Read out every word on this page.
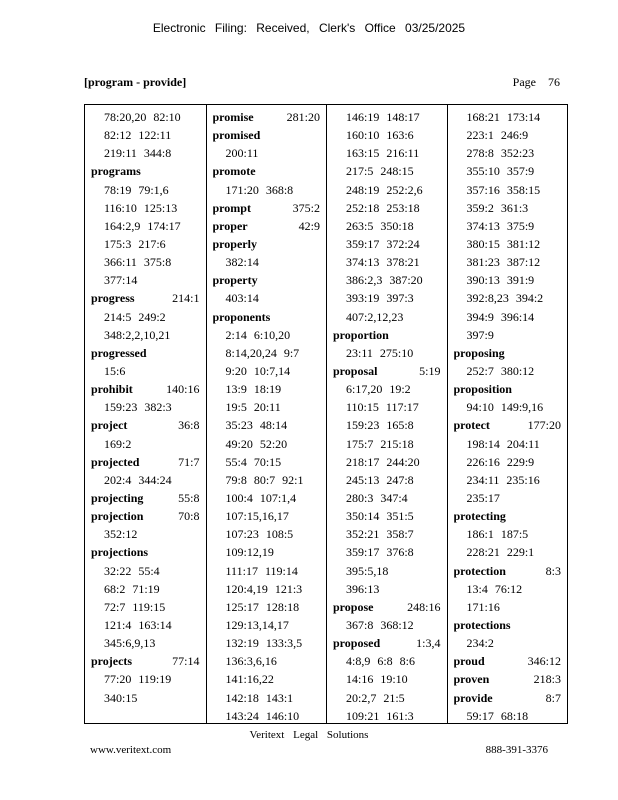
Electronic Filing: Received, Clerk's Office 03/25/2025
[program - provide]	Page 76
78:20,20 82:10
82:12 122:11
219:11 344:8
programs
78:19 79:1,6
116:10 125:13
164:2,9 174:17
175:3 217:6
366:11 375:8
377:14
progress	214:1
214:5 249:2
348:2,2,10,21
progressed
15:6
prohibit	140:16
159:23 382:3
project	36:8
169:2
projected	71:7
202:4 344:24
projecting	55:8
projection	70:8
352:12
projections
32:22 55:4
68:2 71:19
72:7 119:15
121:4 163:14
345:6,9,13
projects	77:14
77:20 119:19
340:15
promise	281:20
promised
200:11
promote
171:20 368:8
prompt	375:2
proper	42:9
properly
382:14
property
403:14
proponents
2:14 6:10,20
8:14,20,24 9:7
9:20 10:7,14
13:9 18:19
19:5 20:11
35:23 48:14
49:20 52:20
55:4 70:15
79:8 80:7 92:1
100:4 107:1,4
107:15,16,17
107:23 108:5
109:12,19
111:17 119:14
120:4,19 121:3
125:17 128:18
129:13,14,17
132:19 133:3,5
136:3,6,16
141:16,22
142:18 143:1
143:24 146:10
146:19 148:17
160:10 163:6
163:15 216:11
217:5 248:15
248:19 252:2,6
252:18 253:18
263:5 350:18
359:17 372:24
374:13 378:21
386:2,3 387:20
393:19 397:3
407:2,12,23
proportion
23:11 275:10
proposal	5:19
6:17,20 19:2
110:15 117:17
159:23 165:8
175:7 215:18
218:17 244:20
245:13 247:8
280:3 347:4
350:14 351:5
352:21 358:7
359:17 376:8
395:5,18
396:13
propose	248:16
367:8 368:12
proposed	1:3,4
4:8,9 6:8 8:6
14:16 19:10
20:2,7 21:5
109:21 161:3
168:21 173:14
223:1 246:9
278:8 352:23
355:10 357:9
357:16 358:15
359:2 361:3
374:13 375:9
380:15 381:12
381:23 387:12
390:13 391:9
392:8,23 394:2
394:9 396:14
397:9
proposing
252:7 380:12
proposition
94:10 149:9,16
protect	177:20
198:14 204:11
226:16 229:9
234:11 235:16
235:17
protecting
186:1 187:5
228:21 229:1
protection	8:3
13:4 76:12
171:16
protections
234:2
proud	346:12
proven	218:3
provide	8:7
59:17 68:18
Veritext Legal Solutions
www.veritext.com	888-391-3376
